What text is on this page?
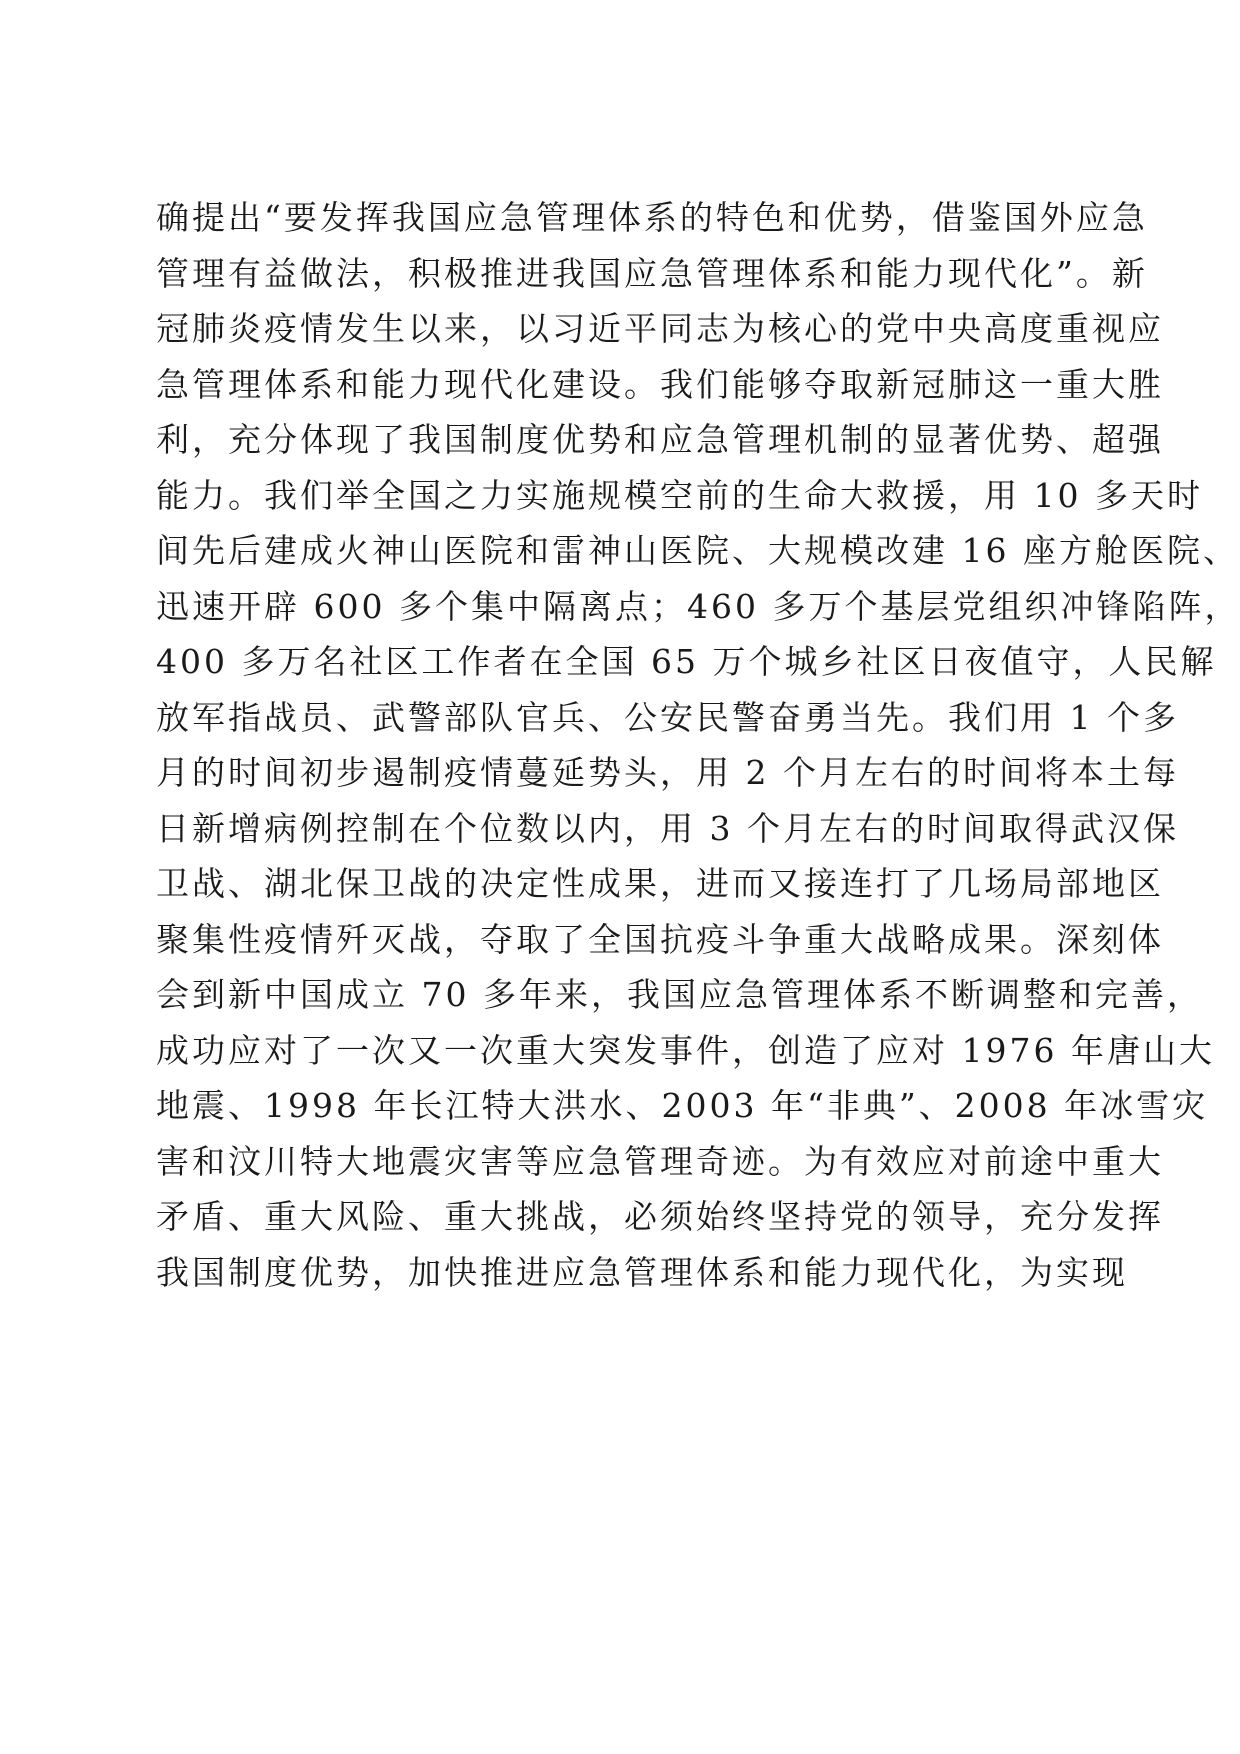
确提出“要发挥我国应急管理体系的特色和优势，借鉴国外应急
管理有益做法，积极推进我国应急管理体系和能力现代化”。新
冠肺炎疫情发生以来，以习近平同志为核心的党中央高度重视应
急管理体系和能力现代化建设。我们能够夺取新冠肺这一重大胜
利，充分体现了我国制度优势和应急管理机制的显著优势、超强
能力。我们举全国之力实施规模空前的生命大救援，用 10 多天时
间先后建成火神山医院和雷神山医院、大规模改建 16 座方舱医院、
迅速开辟 600 多个集中隔离点；460 多万个基层党组织冲锋陷阵，
400 多万名社区工作者在全国 65 万个城乡社区日夜值守，人民解
放军指战员、武警部队官兵、公安民警奋勇当先。我们用 1 个多
月的时间初步遏制疫情蔓延势头，用 2 个月左右的时间将本土每
日新增病例控制在个位数以内，用 3 个月左右的时间取得武汉保
卫战、湖北保卫战的决定性成果，进而又接连打了几场局部地区
聚集性疫情歼灭战，夺取了全国抗疫斗争重大战略成果。深刻体
会到新中国成立 70 多年来，我国应急管理体系不断调整和完善，
成功应对了一次又一次重大突发事件，创造了应对 1976 年唐山大
地震、1998 年长江特大洪水、2003 年“非典”、2008 年冰雪灾
害和汶川特大地震灾害等应急管理奇迹。为有效应对前途中重大
矛盾、重大风险、重大挑战，必须始终坚持党的领导，充分发挥
我国制度优势，加快推进应急管理体系和能力现代化，为实现
